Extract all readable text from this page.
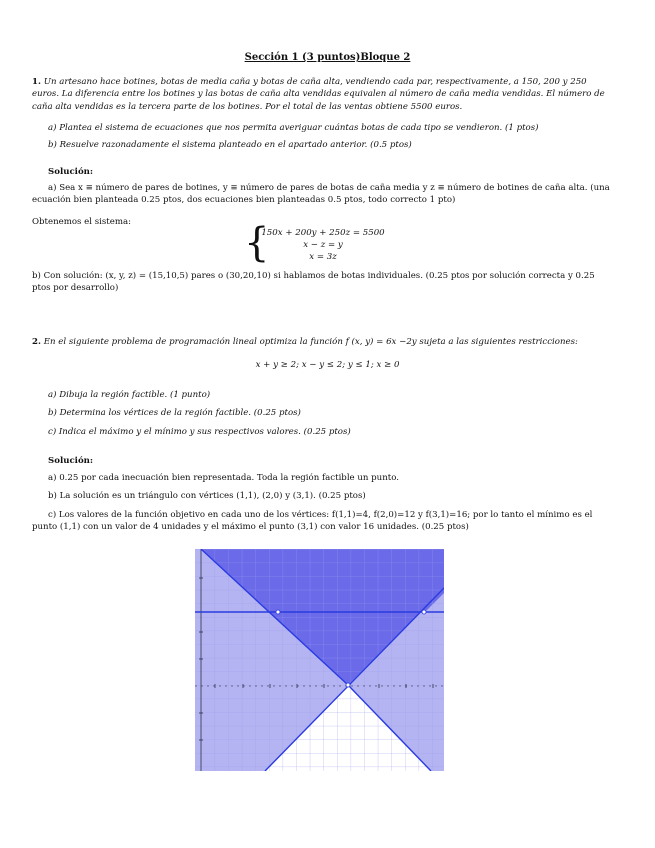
Sección 1 (3 puntos)Bloque 2
1. Un artesano hace botines, botas de media caña y botas de caña alta, vendiendo cada par, respectivamente, a 150, 200 y 250 euros. La diferencia entre los botines y las botas de caña alta vendidas equivalen al número de caña media vendidas. El número de caña alta vendidas es la tercera parte de los botines. Por el total de las ventas obtiene 5500 euros.
a) Plantea el sistema de ecuaciones que nos permita averiguar cuántas botas de cada tipo se vendieron. (1 ptos)
b) Resuelve razonadamente el sistema planteado en el apartado anterior. (0.5 ptos)
Solución:
a) Sea x ≡ número de pares de botines, y ≡ número de pares de botas de caña media y z ≡ número de botines de caña alta. (una ecuación bien planteada 0.25 ptos, dos ecuaciones bien planteadas 0.5 ptos, todo correcto 1 pto)
Obtenemos el sistema:	{
150x + 200y + 250z = 5500
x − z = y
x = 3z
b) Con solución: (x, y, z) = (15,10,5) pares o (30,20,10) si hablamos de botas individuales. (0.25 ptos por solución correcta y 0.25 ptos por desarrollo)
2. En el siguiente problema de programación lineal optimiza la función f (x, y) = 6x −2y sujeta a las siguientes restricciones:
x + y ≥ 2; x − y ≤ 2; y ≤ 1; x ≥ 0
a) Dibuja la región factible. (1 punto)
b) Determina los vértices de la región factible. (0.25 ptos)
c) Indica el máximo y el mínimo y sus respectivos valores. (0.25 ptos)
Solución:
a) 0.25 por cada inecuación bien representada. Toda la región factible un punto.
b) La solución es un triángulo con vértices (1,1), (2,0) y (3,1). (0.25 ptos)
c) Los valores de la función objetivo en cada uno de los vértices: f(1,1)=4, f(2,0)=12 y f(3,1)=16; por lo tanto el mínimo es el punto (1,1) con un valor de 4 unidades y el máximo el punto (3,1) con valor 16 unidades. (0.25 ptos)
